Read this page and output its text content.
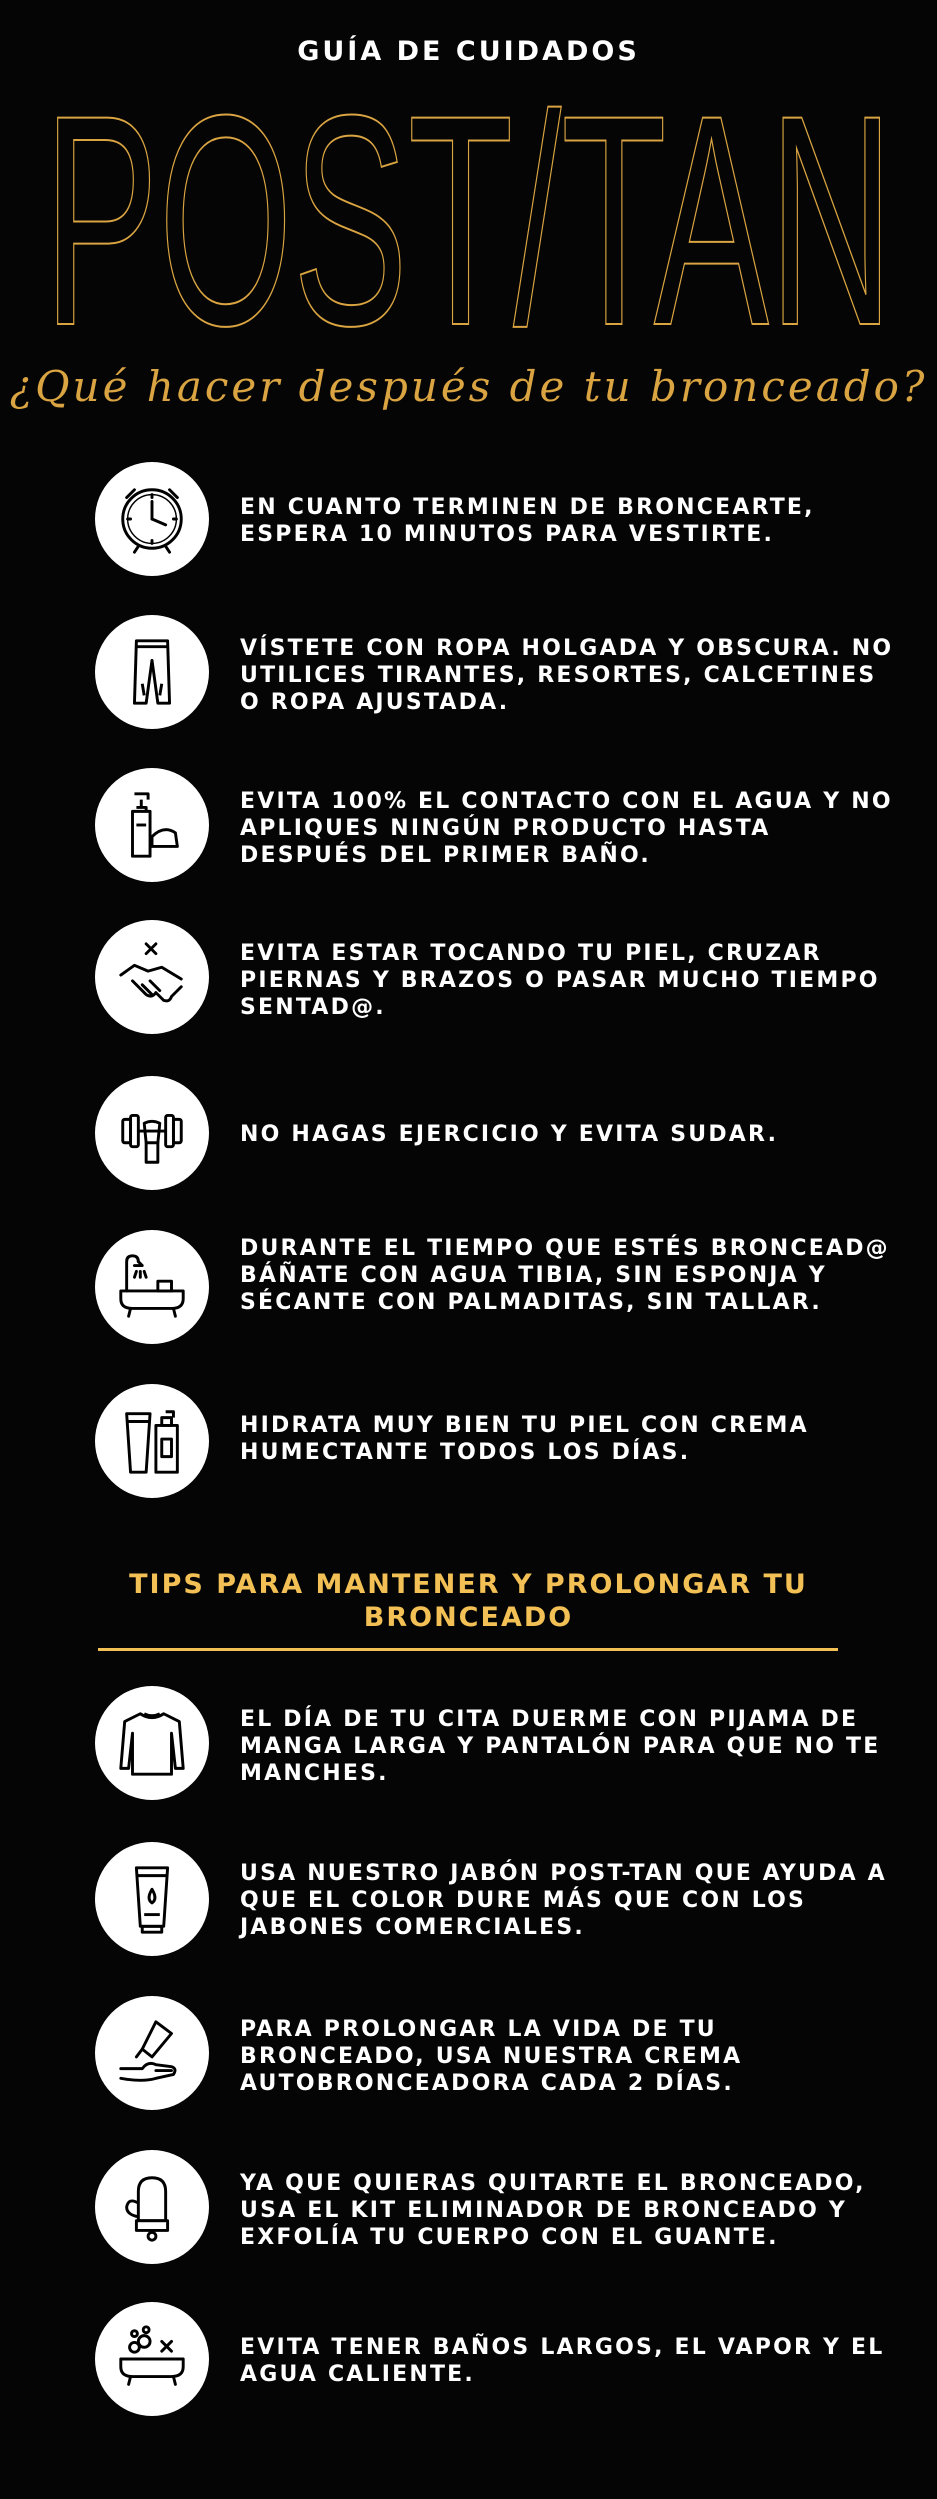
GUÍA DE CUIDADOS
POST/TAN
¿Qué hacer después de tu bronceado?
EN CUANTO TERMINEN DE BRONCEARTE, ESPERA 10 MINUTOS PARA VESTIRTE.
VÍSTETE CON ROPA HOLGADA Y OBSCURA. NO UTILICES TIRANTES, RESORTES, CALCETINES O ROPA AJUSTADA.
EVITA 100% EL CONTACTO CON EL AGUA Y NO APLIQUES NINGÚN PRODUCTO HASTA DESPUÉS DEL PRIMER BAÑO.
EVITA ESTAR TOCANDO TU PIEL, CRUZAR PIERNAS Y BRAZOS O PASAR MUCHO TIEMPO SENTAD@.
NO HAGAS EJERCICIO Y EVITA SUDAR.
DURANTE EL TIEMPO QUE ESTÉS BRONCEAD@ BÁÑATE CON AGUA TIBIA, SIN ESPONJA Y SÉCANTE CON PALMADITAS, SIN TALLAR.
HIDRATA MUY BIEN TU PIEL CON CREMA HUMECTANTE TODOS LOS DÍAS.
TIPS PARA MANTENER Y PROLONGAR TU BRONCEADO
EL DÍA DE TU CITA DUERME CON PIJAMA DE MANGA LARGA Y PANTALÓN PARA QUE NO TE MANCHES.
USA NUESTRO JABÓN POST-TAN QUE AYUDA A QUE EL COLOR DURE MÁS QUE CON LOS JABONES COMERCIALES.
PARA PROLONGAR LA VIDA DE TU BRONCEADO, USA NUESTRA CREMA AUTOBRONCEADORA CADA 2 DÍAS.
YA QUE QUIERAS QUITARTE EL BRONCEADO, USA EL KIT ELIMINADOR DE BRONCEADO Y EXFOLÍA TU CUERPO CON EL GUANTE.
EVITA TENER BAÑOS LARGOS, EL VAPOR Y EL AGUA CALIENTE.
